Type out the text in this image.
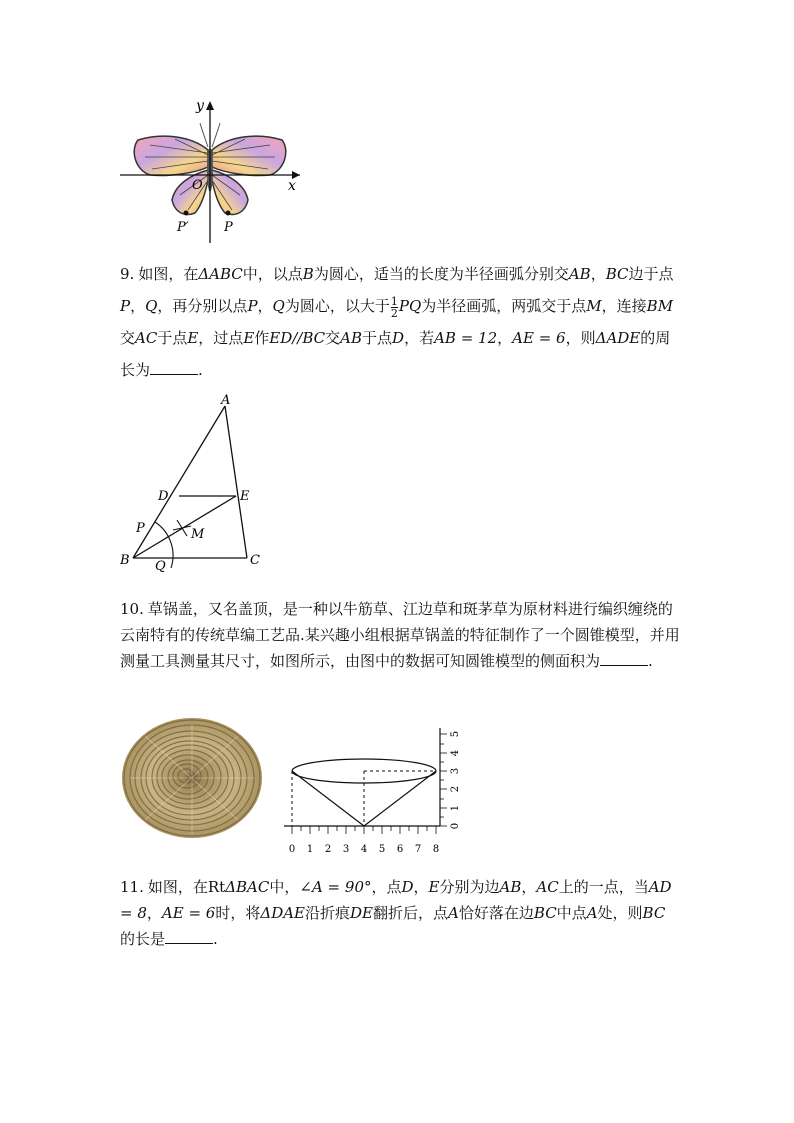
y
x
O
P′	P

9. 如图，在ΔABC中，以点B为圆心，适当的长度为半径画弧分别交AB，BC边于点P，Q，再分别以点P，Q为圆心，以大于 $\frac{1}{2}$ PQ为半径画弧，两弧交于点M，连接BM交AC于点E，过点E作ED//BC交AB于点D，若AB = 12，AE = 6，则ΔADE的周长为	.

A
B	C
D	E
P
Q
M

10. 草锅盖，又名盖顶，是一种以牛筋草、江边草和斑茅草为原材料进行编织缠绕的云南特有的传统草编工艺品.某兴趣小组根据草锅盖的特征制作了一个圆锥模型，并用测量工具测量其尺寸，如图所示，由图中的数据可知圆锥模型的侧面积为	.

0 1 2 3 4 5 6 7 8
0
1
2
3
4
5

11. 如图，在RtΔBAC中，∠A = 90°，点D，E分别为边AB，AC上的一点，当AD = 8，AE = 6时，将ΔDAE沿折痕DE翻折后，点A恰好落在边BC中点A处，则BC的长是	.
